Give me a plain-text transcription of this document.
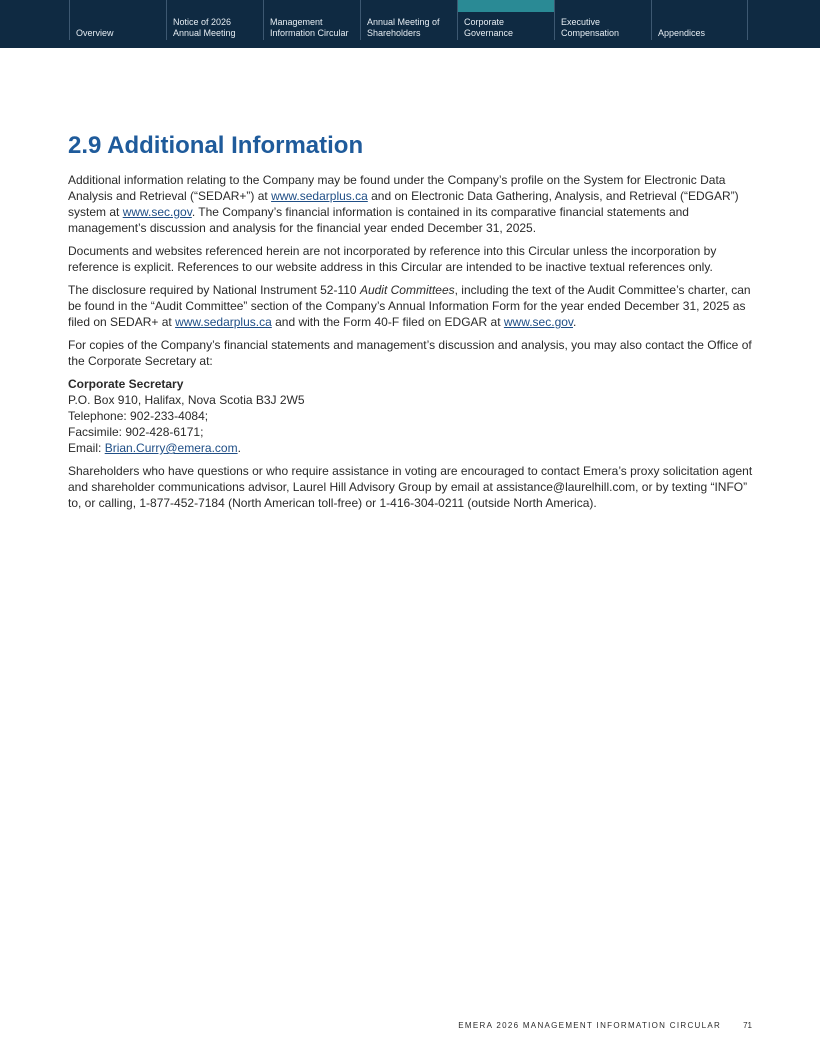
Overview
Notice of 2026
Annual Meeting
Management
Information Circular
Annual Meeting of
Shareholders
Corporate
Governance
Executive
Compensation	Appendices
2.9 Additional Information

Additional information relating to the Company may be found under the Company’s profile on the System for Electronic Data Analysis and Retrieval (“SEDAR+”) at www.sedarplus.ca and on Electronic Data Gathering, Analysis, and Retrieval (“EDGAR”) system at www.sec.gov. The Company’s financial information is contained in its comparative financial statements and management’s discussion and analysis for the financial year ended December 31, 2025.

Documents and websites referenced herein are not incorporated by reference into this Circular unless the incorporation by reference is explicit. References to our website address in this Circular are intended to be inactive textual references only.

The disclosure required by National Instrument 52-110 Audit Committees, including the text of the Audit Committee’s charter, can be found in the “Audit Committee” section of the Company’s Annual Information Form for the year ended December 31, 2025 as filed on SEDAR+ at www.sedarplus.ca and with the Form 40-F filed on EDGAR at www.sec.gov.

For copies of the Company’s financial statements and management’s discussion and analysis, you may also contact the Office of the Corporate Secretary at:

Corporate Secretary
P.O. Box 910, Halifax, Nova Scotia B3J 2W5
Telephone: 902-233-4084;
Facsimile: 902-428-6171;
Email: Brian.Curry@emera.com.

Shareholders who have questions or who require assistance in voting are encouraged to contact Emera’s proxy solicitation agent and shareholder communications advisor, Laurel Hill Advisory Group by email at assistance@laurelhill.com, or by texting “INFO” to, or calling, 1-877-452-7184 (North American toll-free) or 1-416-304-0211 (outside North America).

EMERA 2026 MANAGEMENT INFORMATION CIRCULAR	71
